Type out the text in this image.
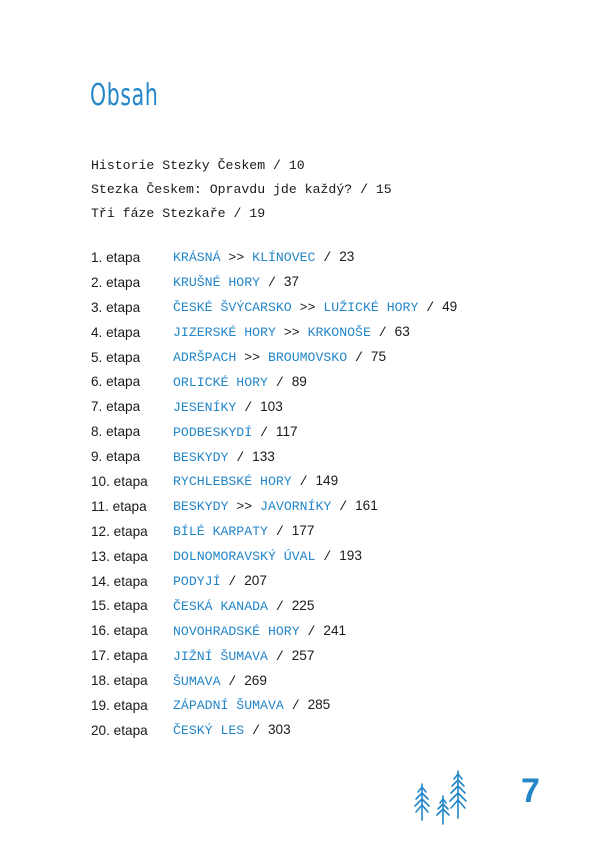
Obsah
Historie Stezky Českem / 10
Stezka Českem: Opravdu jde každý? / 15
Tři fáze Stezkaře / 19
1. etapa	KRÁSNÁ >> KLÍNOVEC / 23
2. etapa	KRUŠNÉ HORY / 37
3. etapa	ČESKÉ ŠVÝCARSKO >> LUŽICKÉ HORY / 49
4. etapa	JIZERSKÉ HORY >> KRKONOŠE / 63
5. etapa	ADRŠPACH >> BROUMOVSKO / 75
6. etapa	ORLICKÉ HORY / 89
7. etapa	JESENÍKY / 103
8. etapa	PODBESKYDÍ / 117
9. etapa	BESKYDY / 133
10. etapa	RYCHLEBSKÉ HORY / 149
11. etapa	BESKYDY >> JAVORNÍKY / 161
12. etapa	BÍLÉ KARPATY / 177
13. etapa	DOLNOMORAVSKÝ ÚVAL / 193
14. etapa	PODYJÍ / 207
15. etapa	ČESKÁ KANADA / 225
16. etapa	NOVOHRADSKÉ HORY / 241
17. etapa	JIŽNÍ ŠUMAVA / 257
18. etapa	ŠUMAVA / 269
19. etapa	ZÁPADNÍ ŠUMAVA / 285
20. etapa	ČESKÝ LES / 303
7
